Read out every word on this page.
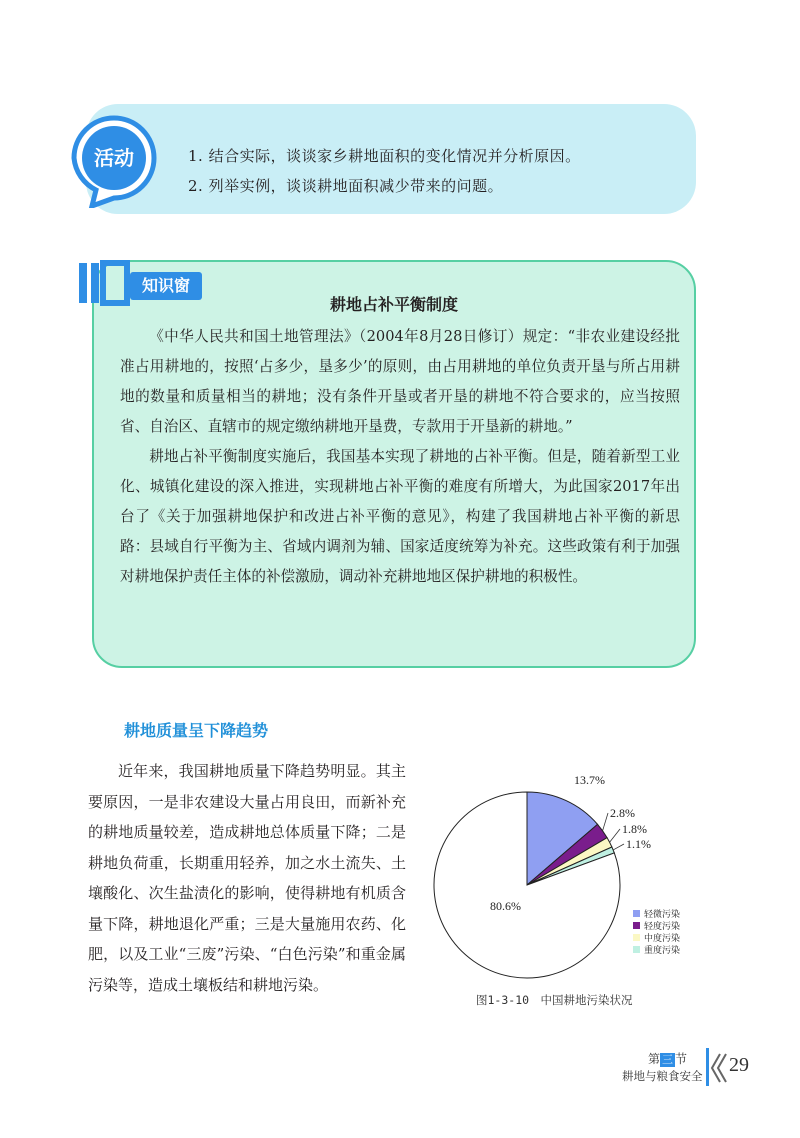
活动	1. 结合实际，谈谈家乡耕地面积的变化情况并分析原因。
2. 列举实例，谈谈耕地面积减少带来的问题。
知识窗
耕地占补平衡制度

《中华人民共和国土地管理法》（2004年8月28日修订）规定：“非农业建设经批准占用耕地的，按照‘占多少，垦多少’的原则，由占用耕地的单位负责开垦与所占用耕地的数量和质量相当的耕地；没有条件开垦或者开垦的耕地不符合要求的，应当按照省、自治区、直辖市的规定缴纳耕地开垦费，专款用于开垦新的耕地。”

耕地占补平衡制度实施后，我国基本实现了耕地的占补平衡。但是，随着新型工业化、城镇化建设的深入推进，实现耕地占补平衡的难度有所增大，为此国家2017年出台了《关于加强耕地保护和改进占补平衡的意见》，构建了我国耕地占补平衡的新思路：县域自行平衡为主、省域内调剂为辅、国家适度统筹为补充。这些政策有利于加强对耕地保护责任主体的补偿激励，调动补充耕地地区保护耕地的积极性。

耕地质量呈下降趋势

近年来，我国耕地质量下降趋势明显。其主要原因，一是非农建设大量占用良田，而新补充的耕地质量较差，造成耕地总体质量下降；二是耕地负荷重，长期重用轻养，加之水土流失、土壤酸化、次生盐渍化的影响，使得耕地有机质含量下降，耕地退化严重；三是大量施用农药、化肥，以及工业“三废”污染、“白色污染”和重金属污染等，造成土壤板结和耕地污染。

13.7%
2.8%
1.8%
1.1%
80.6%
轻微污染
轻度污染
中度污染
重度污染
图1-3-10　中国耕地污染状况
第 三 节
耕地与粮食安全 29
